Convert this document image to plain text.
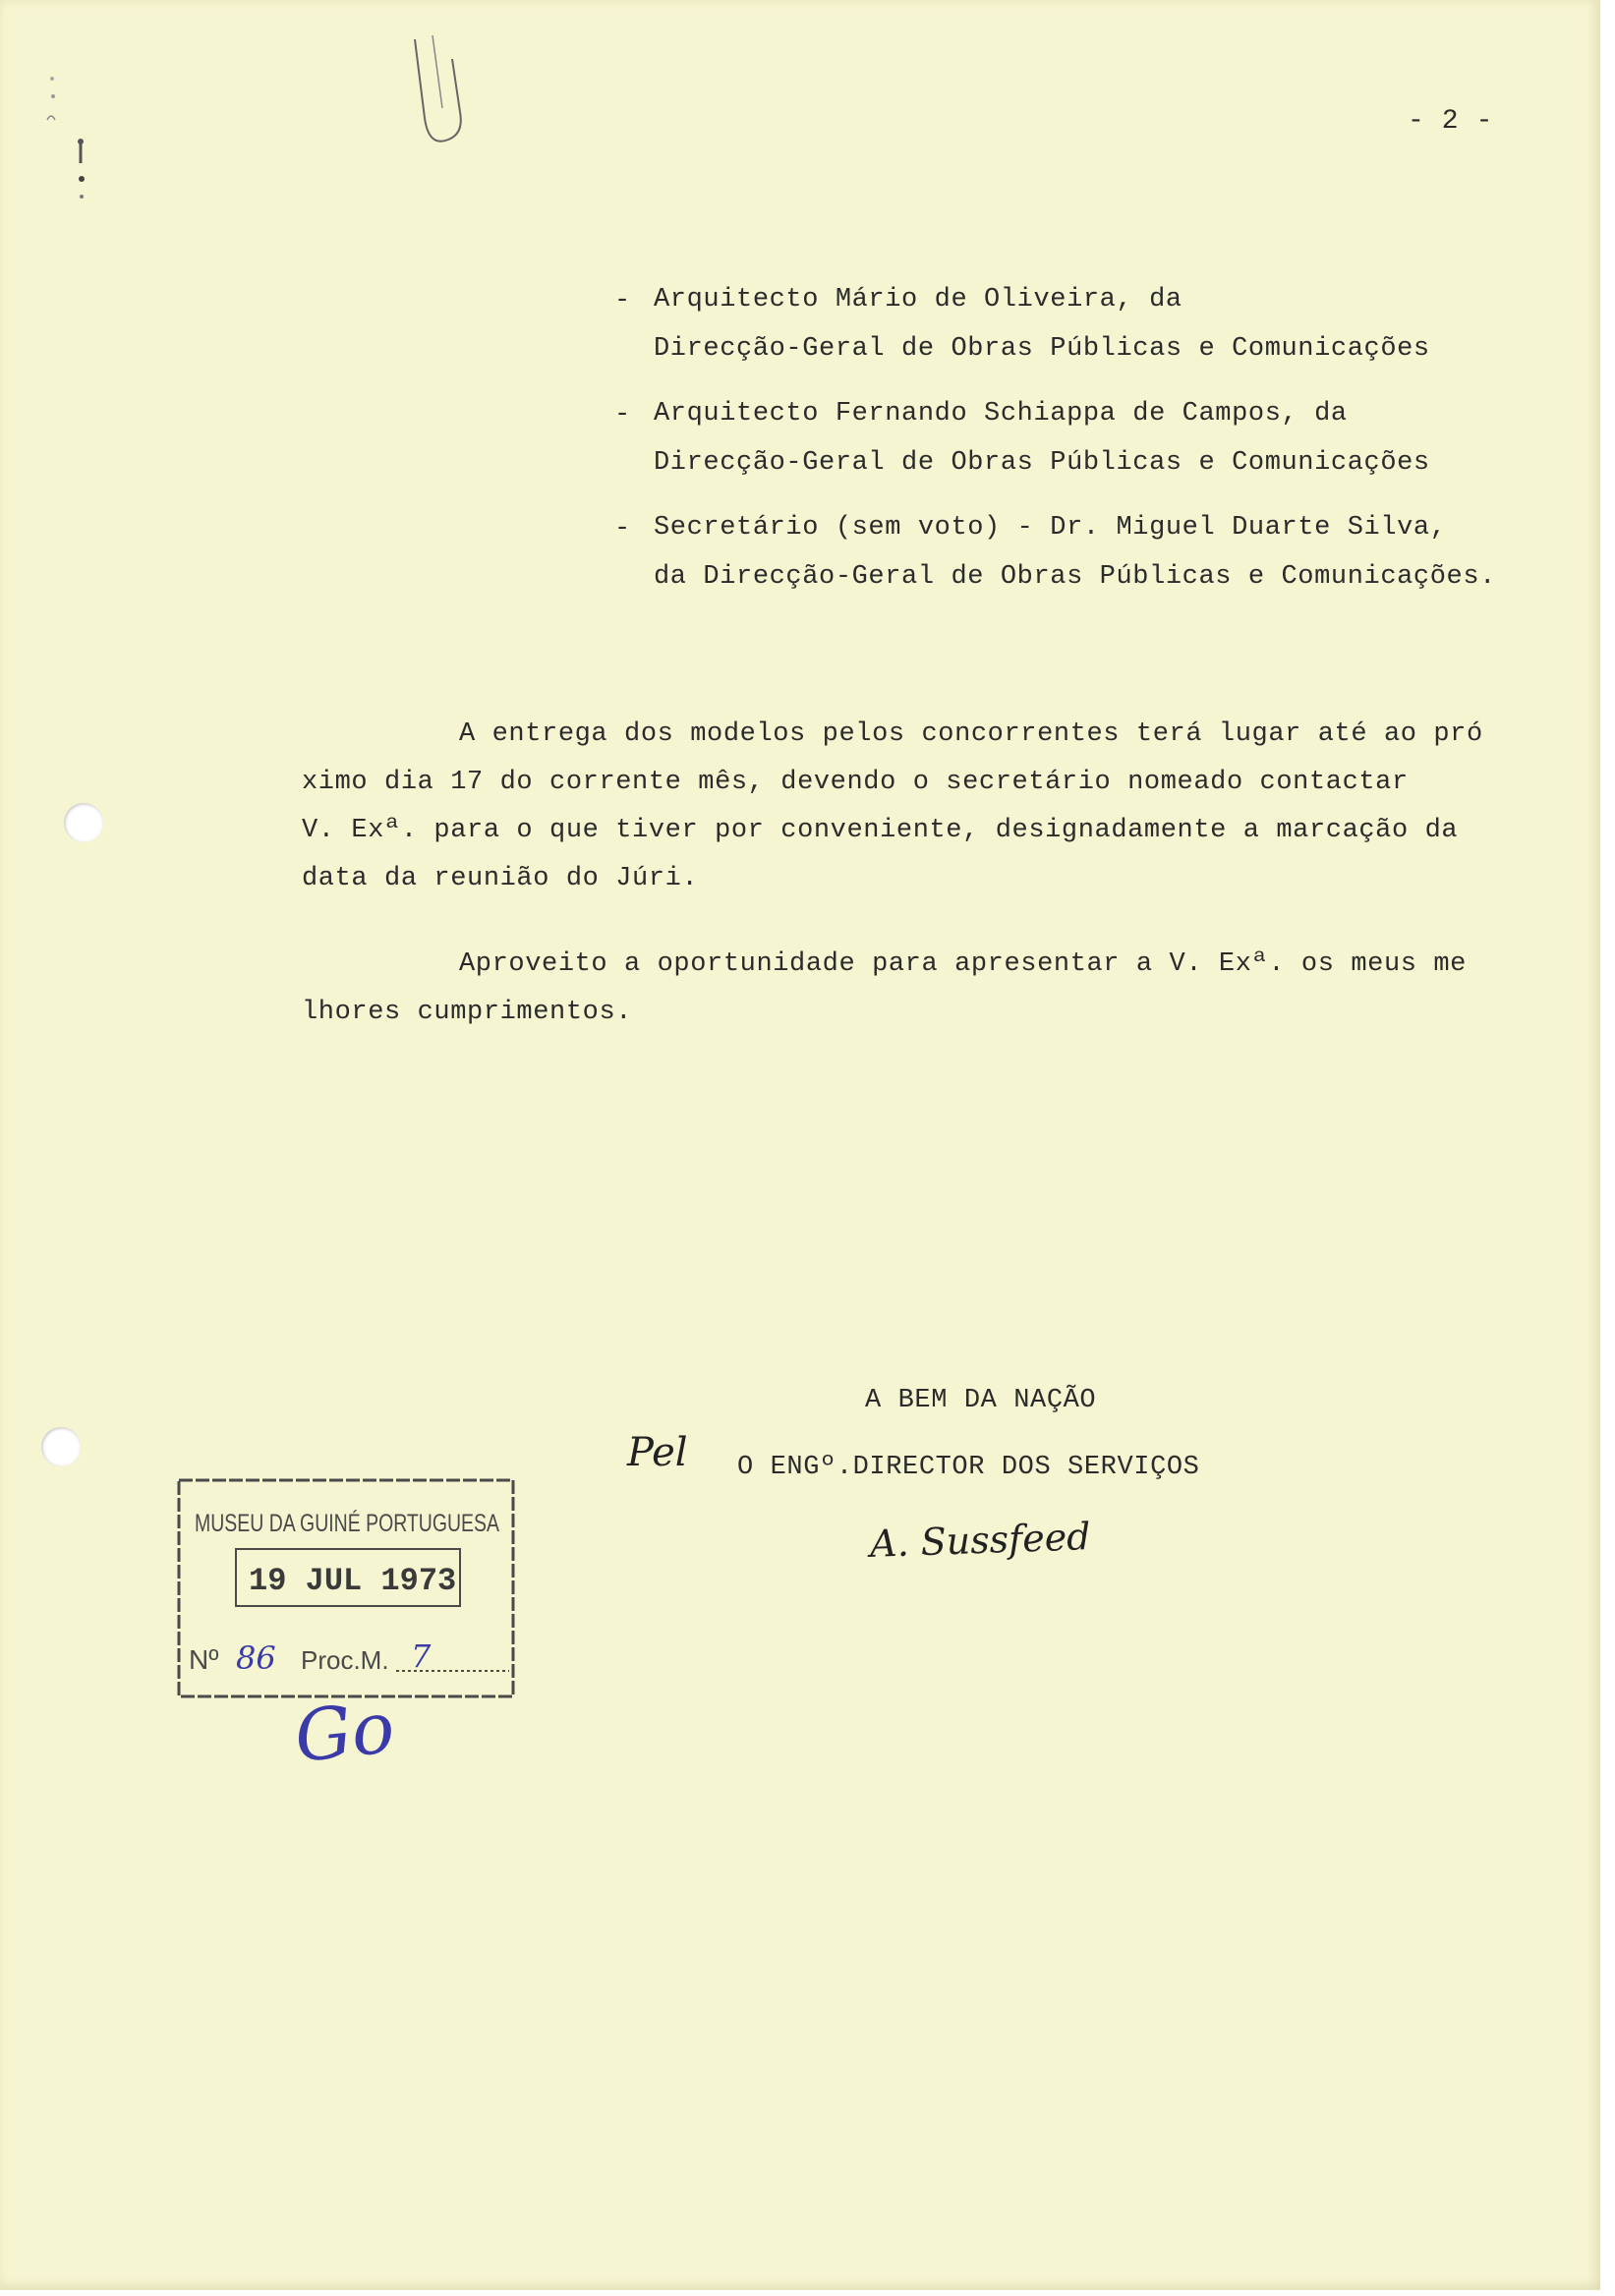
- 2 -
- Arquitecto Mário de Oliveira, da
Direcção-Geral de Obras Públicas e Comunicações
- Arquitecto Fernando Schiappa de Campos, da
Direcção-Geral de Obras Públicas e Comunicações
- Secretário (sem voto) - Dr. Miguel Duarte Silva,
da Direcção-Geral de Obras Públicas e Comunicações.
A entrega dos modelos pelos concorrentes terá lugar até ao pró
ximo dia 17 do corrente mês, devendo o secretário nomeado contactar
V. Exª. para o que tiver por conveniente, designadamente a marcação da
data da reunião do Júri.
Aproveito a oportunidade para apresentar a V. Exª. os meus me
lhores cumprimentos.
A BEM DA NAÇÃO
Pel O ENGº.DIRECTOR DOS SERVIÇOS
A. Sussfeed
MUSEU DA GUINÉ PORTUGUESA
19 JUL 1973
Nº 86 Proc.M. 7
Go
